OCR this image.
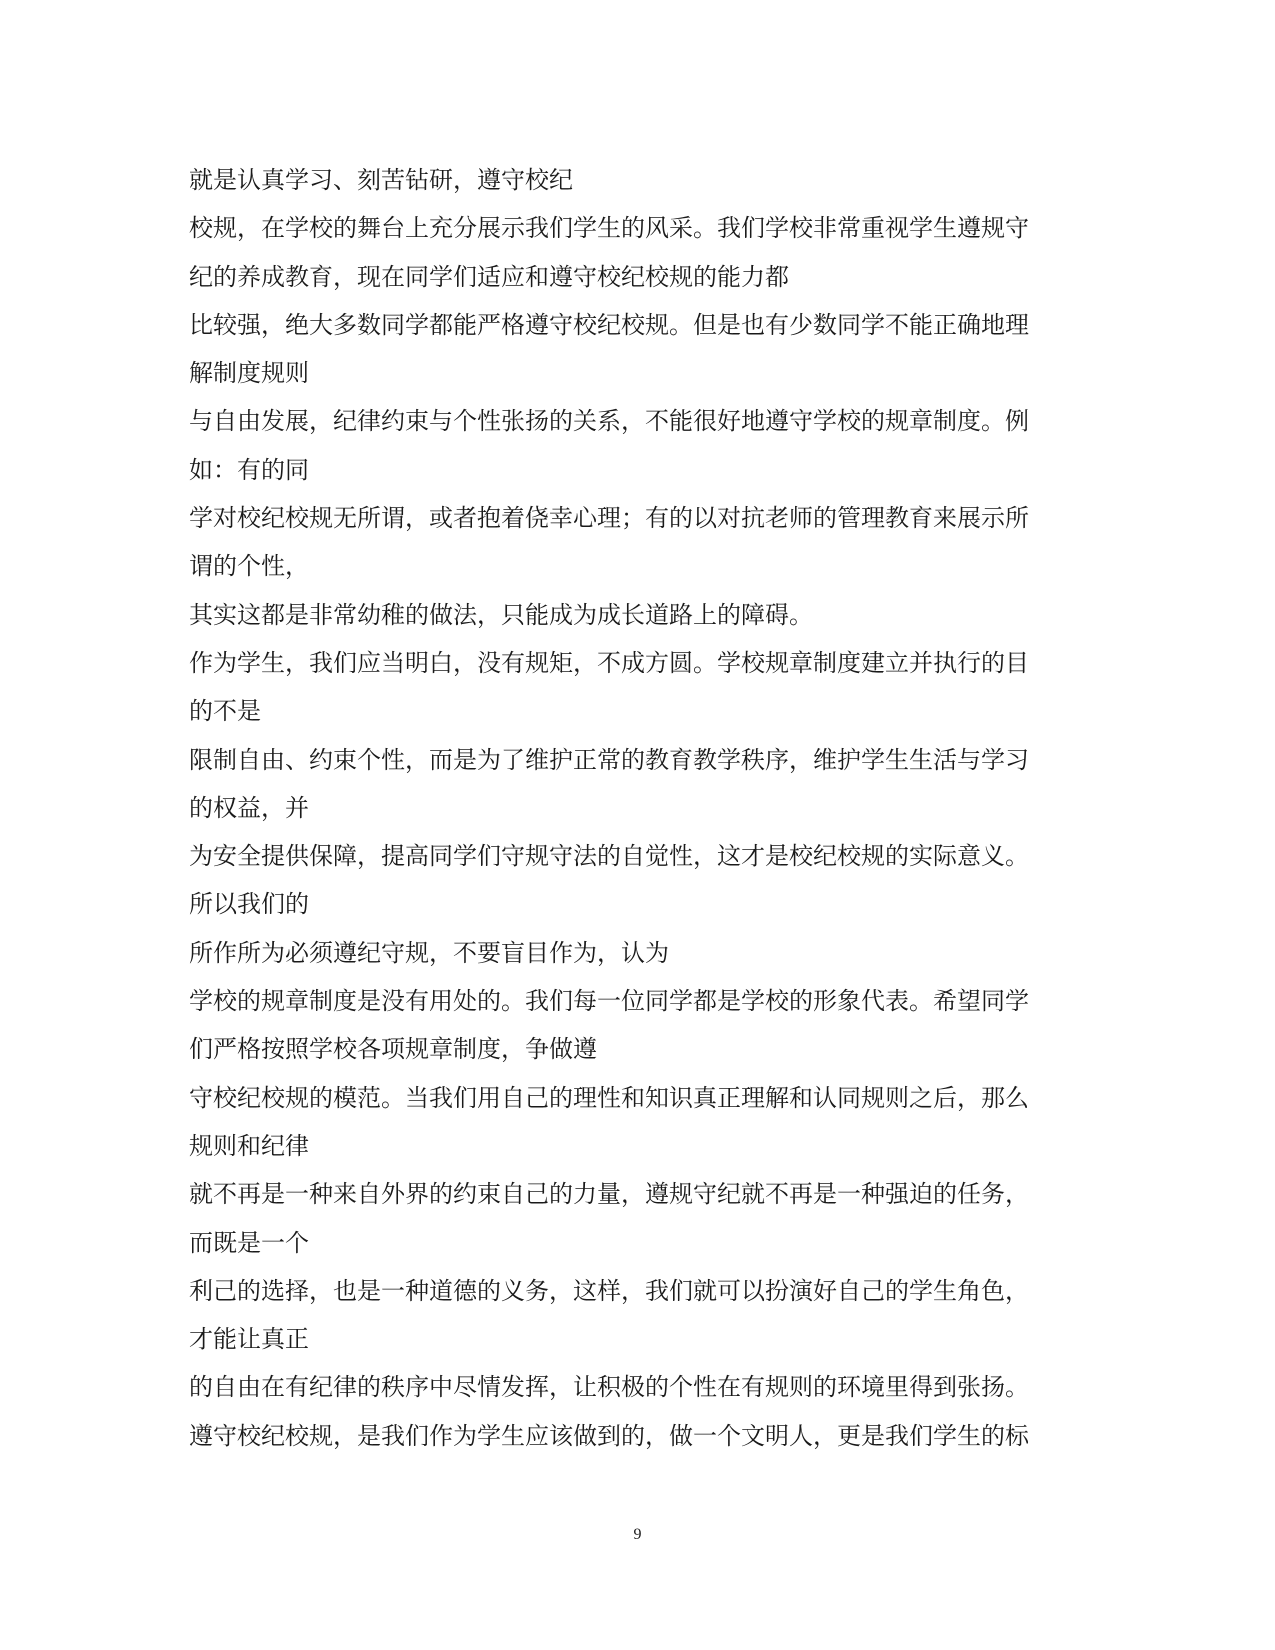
就是认真学习、刻苦钻研，遵守校纪
校规，在学校的舞台上充分展示我们学生的风采。我们学校非常重视学生遵规守
纪的养成教育，现在同学们适应和遵守校纪校规的能力都
比较强，绝大多数同学都能严格遵守校纪校规。但是也有少数同学不能正确地理
解制度规则
与自由发展，纪律约束与个性张扬的关系，不能很好地遵守学校的规章制度。例
如：有的同
学对校纪校规无所谓，或者抱着侥幸心理；有的以对抗老师的管理教育来展示所
谓的个性，
其实这都是非常幼稚的做法，只能成为成长道路上的障碍。
作为学生，我们应当明白，没有规矩，不成方圆。学校规章制度建立并执行的目
的不是
限制自由、约束个性，而是为了维护正常的教育教学秩序，维护学生生活与学习
的权益，并
为安全提供保障，提高同学们守规守法的自觉性，这才是校纪校规的实际意义。
所以我们的
所作所为必须遵纪守规，不要盲目作为，认为
学校的规章制度是没有用处的。我们每一位同学都是学校的形象代表。希望同学
们严格按照学校各项规章制度，争做遵
守校纪校规的模范。当我们用自己的理性和知识真正理解和认同规则之后，那么
规则和纪律
就不再是一种来自外界的约束自己的力量，遵规守纪就不再是一种强迫的任务，
而既是一个
利己的选择，也是一种道德的义务，这样，我们就可以扮演好自己的学生角色，
才能让真正
的自由在有纪律的秩序中尽情发挥，让积极的个性在有规则的环境里得到张扬。
遵守校纪校规，是我们作为学生应该做到的，做一个文明人，更是我们学生的标
9
